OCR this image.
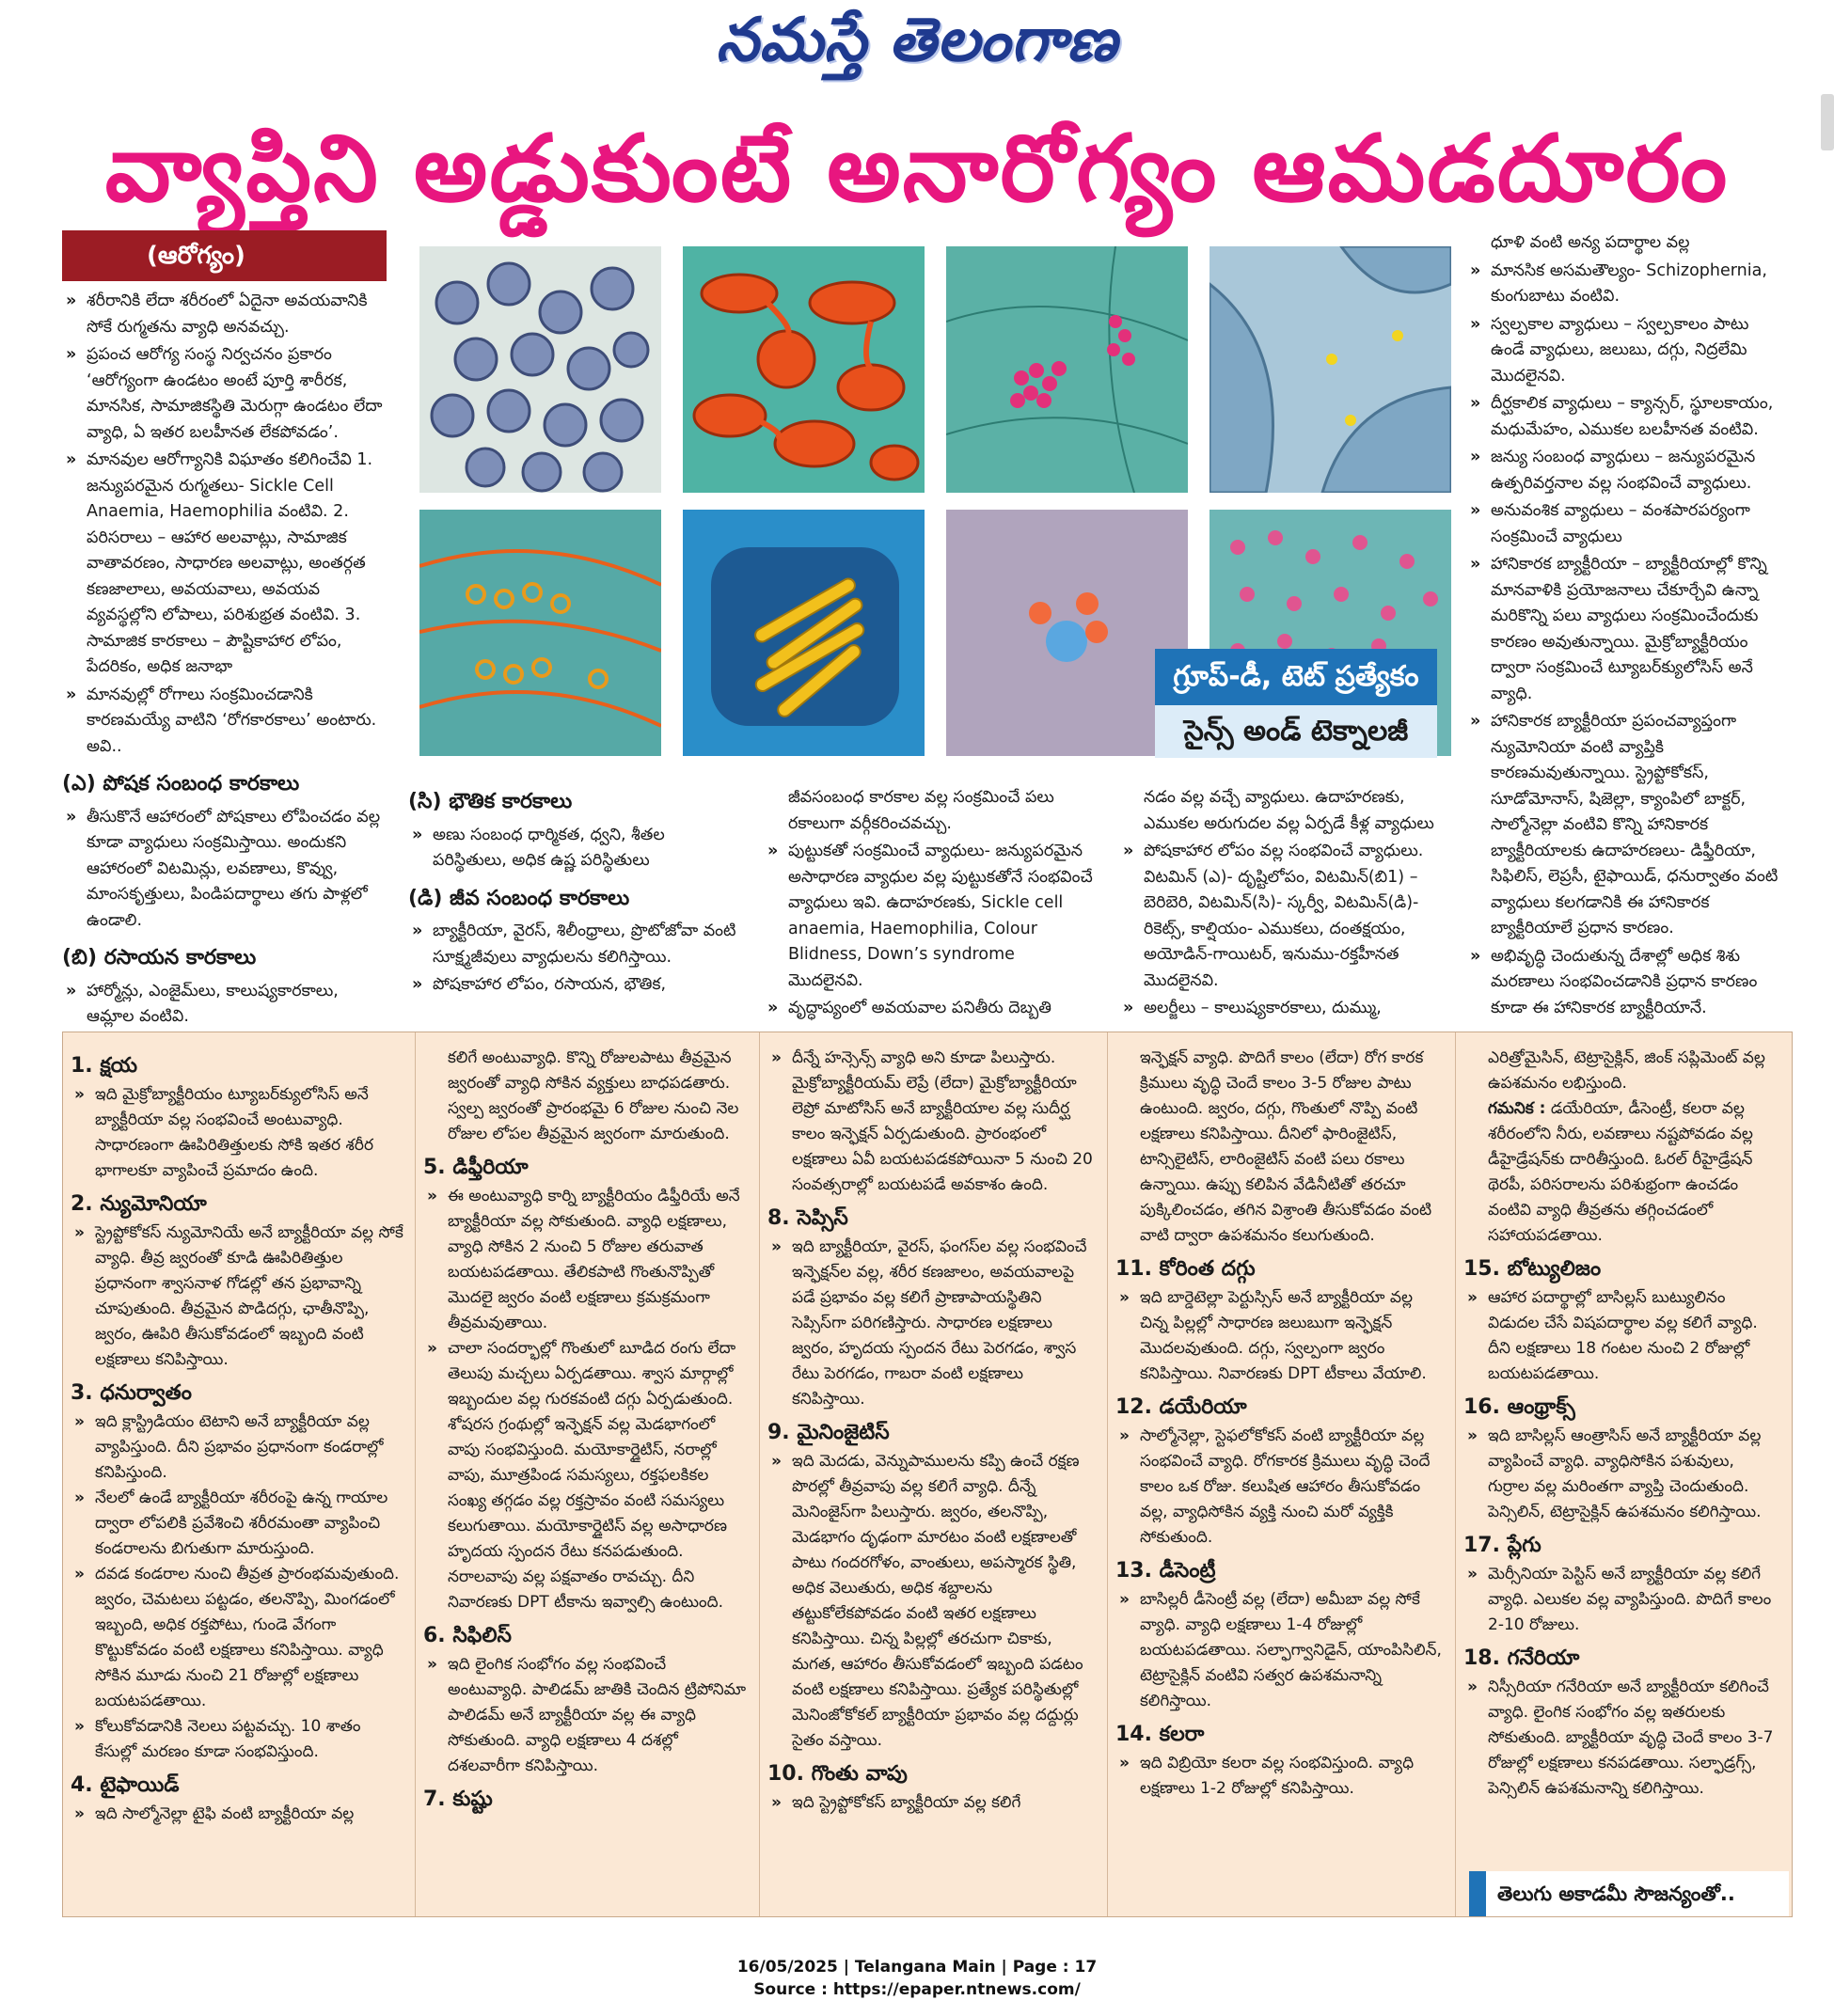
నమస్తే తెలంగాణ
వ్యాప్తిని అడ్డుకుంటే అనారోగ్యం ఆమడదూరం
(ఆరోగ్యం)
» శరీరానికి లేదా శరీరంలో ఏదైనా అవయవానికి సోకే రుగ్మతను వ్యాధి అనవచ్చు.
» ప్రపంచ ఆరోగ్య సంస్థ నిర్వచనం ప్రకారం ‘ఆరోగ్యంగా ఉండటం అంటే పూర్తి శారీరక, మానసిక, సామాజికస్థితి మెరుగ్గా ఉండటం లేదా వ్యాధి, ఏ ఇతర బలహీనత లేకపోవడం’.
» మానవుల ఆరోగ్యానికి విఘాతం కలిగించేవి 1. జన్యుపరమైన రుగ్మతలు- Sickle Cell Anaemia, Haemophilia వంటివి. 2. పరిసరాలు – ఆహార అలవాట్లు, సామాజిక వాతావరణం, సాధారణ అలవాట్లు, అంతర్గత కణజాలాలు, అవయవాలు, అవయవ వ్యవస్థల్లోని లోపాలు, పరిశుభ్రత వంటివి. 3. సామాజిక కారకాలు – పౌష్టికాహార లోపం, పేదరికం, అధిక జనాభా
» మానవుల్లో రోగాలు సంక్రమించడానికి కారణమయ్యే వాటిని ‘రోగకారకాలు’ అంటారు. అవి..
(ఎ) పోషక సంబంధ కారకాలు
» తీసుకొనే ఆహారంలో పోషకాలు లోపించడం వల్ల కూడా వ్యాధులు సంక్రమిస్తాయి. అందుకని ఆహారంలో విటమిన్లు, లవణాలు, కొవ్వు, మాంసకృత్తులు, పిండిపదార్థాలు తగు పాళ్లలో ఉండాలి.
(బి) రసాయన కారకాలు
» హార్మోన్లు, ఎంజైమ్‌లు, కాలుష్యకారకాలు, ఆమ్లాల వంటివి.
(సి) భౌతిక కారకాలు
» అణు సంబంధ ధార్మికత, ధ్వని, శీతల పరిస్థితులు, అధిక ఉష్ణ పరిస్థితులు
(డి) జీవ సంబంధ కారకాలు
» బ్యాక్టీరియా, వైరస్‌, శిలీంధ్రాలు, ప్రొటోజోవా వంటి సూక్ష్మజీవులు వ్యాధులను కలిగిస్తాయి.
» పోషకాహార లోపం, రసాయన, భౌతిక,
జీవసంబంధ కారకాల వల్ల సంక్రమించే పలు రకాలుగా వర్గీకరించవచ్చు.
» పుట్టుకతో సంక్రమించే వ్యాధులు- జన్యుపరమైన అసాధారణ వ్యాధుల వల్ల పుట్టుకతోనే సంభవించే వ్యాధులు ఇవి. ఉదాహరణకు, Sickle cell anaemia, Haemophilia, Colour Blidness, Down’s syndrome మొదలైనవి.
» వృద్ధాప్యంలో అవయవాల పనితీరు దెబ్బతి
నడం వల్ల వచ్చే వ్యాధులు. ఉదాహరణకు, ఎముకల అరుగుదల వల్ల ఏర్పడే కీళ్ల వ్యాధులు
» పోషకాహార లోపం వల్ల సంభవించే వ్యాధులు. విటమిన్‌ (ఎ)- దృష్టిలోపం, విటమిన్‌(బి1) – బెరిబెరి, విటమిన్‌(సి)- స్కర్వీ, విటమిన్‌(డి)- రికెట్స్‌, కాల్షియం- ఎముకలు, దంతక్షయం, అయోడిన్‌-గాయిటర్‌, ఇనుము-రక్తహీనత మొదలైనవి.
» అలర్జీలు – కాలుష్యకారకాలు, దుమ్ము,
ధూళి వంటి అన్య పదార్థాల వల్ల
» మానసిక అసమతౌల్యం- Schizophernia, కుంగుబాటు వంటివి.
» స్వల్పకాల వ్యాధులు – స్వల్పకాలం పాటు ఉండే వ్యాధులు, జలుబు, దగ్గు, నిద్రలేమి మొదలైనవి.
» దీర్ఘకాలిక వ్యాధులు – క్యాన్సర్‌, స్థూలకాయం, మధుమేహం, ఎముకల బలహీనత వంటివి.
» జన్యు సంబంధ వ్యాధులు – జన్యుపరమైన ఉత్పరివర్తనాల వల్ల సంభవించే వ్యాధులు.
» అనువంశిక వ్యాధులు – వంశపారపర్యంగా సంక్రమించే వ్యాధులు
» హానికారక బ్యాక్టీరియా – బ్యాక్టీరియాల్లో కొన్ని మానవాళికి ప్రయోజనాలు చేకూర్చేవి ఉన్నా మరికొన్ని పలు వ్యాధులు సంక్రమించేందుకు కారణం అవుతున్నాయి. మైక్రోబ్యాక్టీరియం ద్వారా సంక్రమించే ట్యూబర్‌క్యులోసిస్‌ అనే వ్యాధి.
» హానికారక బ్యాక్టీరియా ప్రపంచవ్యాప్తంగా న్యుమోనియా వంటి వ్యాప్తికి కారణమవుతున్నాయి. స్ట్రెప్టోకోకస్‌, సూడోమోనాస్‌, షిజెల్లా, క్యాంపిలో బాక్టర్‌, సాల్మోనెల్లా వంటివి కొన్ని హానికారక బ్యాక్టీరియాలకు ఉదాహరణలు- డిఫ్తీరియా, సిఫిలిస్‌, లెప్రసీ, టైఫాయిడ్‌, ధనుర్వాతం వంటి వ్యాధులు కలగడానికి ఈ హానికారక బ్యాక్టీరియాలే ప్రధాన కారణం.
» అభివృద్ధి చెందుతున్న దేశాల్లో అధిక శిశు మరణాలు సంభవించడానికి ప్రధాన కారణం కూడా ఈ హానికారక బ్యాక్టీరియానే.
గ్రూప్‌-డీ, టెట్‌ ప్రత్యేకం
సైన్స్‌ అండ్‌ టెక్నాలజీ
1. క్షయ
» ఇది మైక్రోబ్యాక్టీరియం ట్యూబర్‌క్యులోసిస్‌ అనే బ్యాక్టీరియా వల్ల సంభవించే అంటువ్యాధి. సాధారణంగా ఊపిరితిత్తులకు సోకి ఇతర శరీర భాగాలకూ వ్యాపించే ప్రమాదం ఉంది.
2. న్యుమోనియా
» స్ట్రెప్టోకోకస్‌ న్యుమోనియే అనే బ్యాక్టీరియా వల్ల సోకే వ్యాధి. తీవ్ర జ్వరంతో కూడి ఊపిరితిత్తుల ప్రధానంగా శ్వాసనాళ గోడల్లో తన ప్రభావాన్ని చూపుతుంది. తీవ్రమైన పొడిదగ్గు, ఛాతీనొప్పి, జ్వరం, ఊపిరి తీసుకోవడంలో ఇబ్బంది వంటి లక్షణాలు కనిపిస్తాయి.
3. ధనుర్వాతం
» ఇది క్లాస్ట్రిడియం టెటాని అనే బ్యాక్టీరియా వల్ల వ్యాపిస్తుంది. దీని ప్రభావం ప్రధానంగా కండరాల్లో కనిపిస్తుంది.
» నేలలో ఉండే బ్యాక్టీరియా శరీరంపై ఉన్న గాయాల ద్వారా లోపలికి ప్రవేశించి శరీరమంతా వ్యాపించి కండరాలను బిగుతుగా మారుస్తుంది.
» దవడ కండరాల నుంచి తీవ్రత ప్రారంభమవుతుంది. జ్వరం, చెమటలు పట్టడం, తలనొప్పి, మింగడంలో ఇబ్బంది, అధిక రక్తపోటు, గుండె వేగంగా కొట్టుకోవడం వంటి లక్షణాలు కనిపిస్తాయి. వ్యాధి సోకిన మూడు నుంచి 21 రోజుల్లో లక్షణాలు బయటపడతాయి.
» కోలుకోవడానికి నెలలు పట్టవచ్చు. 10 శాతం కేసుల్లో మరణం కూడా సంభవిస్తుంది.
4. టైఫాయిడ్‌
» ఇది సాల్మోనెల్లా టైఫి వంటి బ్యాక్టీరియా వల్ల
కలిగే అంటువ్యాధి. కొన్ని రోజులపాటు తీవ్రమైన జ్వరంతో వ్యాధి సోకిన వ్యక్తులు బాధపడతారు. స్వల్ప జ్వరంతో ప్రారంభమై 6 రోజుల నుంచి నెల రోజుల లోపల తీవ్రమైన జ్వరంగా మారుతుంది.
5. డిఫ్తీరియా
» ఈ అంటువ్యాధి కార్ని బ్యాక్టీరియం డిఫ్తీరియే అనే బ్యాక్టీరియా వల్ల సోకుతుంది. వ్యాధి లక్షణాలు, వ్యాధి సోకిన 2 నుంచి 5 రోజుల తరువాత బయటపడతాయి. తేలికపాటి గొంతునొప్పితో మొదలై జ్వరం వంటి లక్షణాలు క్రమక్రమంగా తీవ్రమవుతాయి.
» చాలా సందర్భాల్లో గొంతులో బూడిద రంగు లేదా తెలుపు మచ్చలు ఏర్పడతాయి. శ్వాస మార్గాల్లో ఇబ్బందుల వల్ల గురకవంటి దగ్గు ఏర్పడుతుంది. శోషరస గ్రంథుల్లో ఇన్ఫెక్షన్‌ వల్ల మెడభాగంలో వాపు సంభవిస్తుంది. మయోకార్డైటిస్‌, నరాల్లో వాపు, మూత్రపిండ సమస్యలు, రక్తఫలకికల సంఖ్య తగ్గడం వల్ల రక్తస్రావం వంటి సమస్యలు కలుగుతాయి. మయోకార్డైటిస్‌ వల్ల అసాధారణ హృదయ స్పందన రేటు కనపడుతుంది. నరాలవాపు వల్ల పక్షవాతం రావచ్చు. దీని నివారణకు DPT టీకాను ఇవ్వాల్సి ఉంటుంది.
6. సిఫిలిస్‌
» ఇది లైంగిక సంభోగం వల్ల సంభవించే అంటువ్యాధి. పాలిడమ్‌ జాతికి చెందిన ట్రిపోనిమా పాలిడమ్‌ అనే బ్యాక్టీరియా వల్ల ఈ వ్యాధి సోకుతుంది. వ్యాధి లక్షణాలు 4 దశల్లో దశలవారీగా కనిపిస్తాయి.
7. కుష్టు
» దీన్నే హన్సెన్స్‌ వ్యాధి అని కూడా పిలుస్తారు. మైక్రోబ్యాక్టీరియమ్‌ లెప్రే (లేదా) మైక్రోబ్యాక్టీరియా లెప్రో మాటోసిస్‌ అనే బ్యాక్టీరియాల వల్ల సుదీర్ఘ కాలం ఇన్ఫెక్షన్‌ ఏర్పడుతుంది. ప్రారంభంలో లక్షణాలు ఏవీ బయటపడకపోయినా 5 నుంచి 20 సంవత్సరాల్లో బయటపడే అవకాశం ఉంది.
8. సెప్సిస్‌
» ఇది బ్యాక్టీరియా, వైరస్‌, ఫంగస్‌ల వల్ల సంభవించే ఇన్ఫెక్షన్‌ల వల్ల, శరీర కణజాలం, అవయవాలపై పడే ప్రభావం వల్ల కలిగే ప్రాణాపాయస్థితిని సెప్సిస్‌గా పరిగణిస్తారు. సాధారణ లక్షణాలు జ్వరం, హృదయ స్పందన రేటు పెరగడం, శ్వాస రేటు పెరగడం, గాబరా వంటి లక్షణాలు కనిపిస్తాయి.
9. మైనింజైటిస్‌
» ఇది మెదడు, వెన్నుపాములను కప్పి ఉంచే రక్షణ పొరల్లో తీవ్రవాపు వల్ల కలిగే వ్యాధి. దీన్నే మెనింజైస్‌గా పిలుస్తారు. జ్వరం, తలనొప్పి, మెడభాగం దృఢంగా మారటం వంటి లక్షణాలతో పాటు గందరగోళం, వాంతులు, అపస్మారక స్థితి, అధిక వెలుతురు, అధిక శబ్దాలను తట్టుకోలేకపోవడం వంటి ఇతర లక్షణాలు కనిపిస్తాయి. చిన్న పిల్లల్లో తరచుగా చికాకు, మగత, ఆహారం తీసుకోవడంలో ఇబ్బంది పడటం వంటి లక్షణాలు కనిపిస్తాయి. ప్రత్యేక పరిస్థితుల్లో మెనింజోకోకల్‌ బ్యాక్టీరియా ప్రభావం వల్ల దద్దుర్లు సైతం వస్తాయి.
10. గొంతు వాపు
» ఇది స్ట్రెప్టోకోకస్‌ బ్యాక్టీరియా వల్ల కలిగే
ఇన్ఫెక్షన్‌ వ్యాధి. పొదిగే కాలం (లేదా) రోగ కారక క్రిములు వృద్ధి చెందే కాలం 3-5 రోజుల పాటు ఉంటుంది. జ్వరం, దగ్గు, గొంతులో నొప్పి వంటి లక్షణాలు కనిపిస్తాయి. దీనిలో ఫారింజైటిస్‌, టాన్సిలైటిస్‌, లారింజైటిస్‌ వంటి పలు రకాలు ఉన్నాయి. ఉప్పు కలిపిన వేడినీటితో తరచూ పుక్కిలించడం, తగిన విశ్రాంతి తీసుకోవడం వంటి వాటి ద్వారా ఉపశమనం కలుగుతుంది.
11. కోరింత దగ్గు
» ఇది బార్డెటెల్లా పెర్టుస్సిస్‌ అనే బ్యాక్టీరియా వల్ల చిన్న పిల్లల్లో సాధారణ జలుబుగా ఇన్ఫెక్షన్‌ మొదలవుతుంది. దగ్గు, స్వల్పంగా జ్వరం కనిపిస్తాయి. నివారణకు DPT టీకాలు వేయాలి.
12. డయేరియా
» సాల్మోనెల్లా, స్టెఫలోకోకస్‌ వంటి బ్యాక్టీరియా వల్ల సంభవించే వ్యాధి. రోగకారక క్రిములు వృద్ధి చెందే కాలం ఒక రోజు. కలుషిత ఆహారం తీసుకోవడం వల్ల, వ్యాధిసోకిన వ్యక్తి నుంచి మరో వ్యక్తికి సోకుతుంది.
13. డీసెంట్రీ
» బాసిల్లరీ డీసెంట్రీ వల్ల (లేదా) అమీబా వల్ల సోకే వ్యాధి. వ్యాధి లక్షణాలు 1-4 రోజుల్లో బయటపడతాయి. సల్ఫాగ్వానిడైన్‌, యాంపిసిలిన్‌, టెట్రాసైక్లిన్‌ వంటివి సత్వర ఉపశమనాన్ని కలిగిస్తాయి.
14. కలరా
» ఇది విబ్రియో కలరా వల్ల సంభవిస్తుంది. వ్యాధి లక్షణాలు 1-2 రోజుల్లో కనిపిస్తాయి.
ఎరిత్రోమైసిన్‌, టెట్రాసైక్లిన్‌, జింక్‌ సప్లిమెంట్‌ వల్ల ఉపశమనం లభిస్తుంది.
గమనిక : డయేరియా, డీసెంట్రీ, కలరా వల్ల శరీరంలోని నీరు, లవణాలు నష్టపోవడం వల్ల డీహైడ్రేషన్‌కు దారితీస్తుంది. ఓరల్‌ రీహైడ్రేషన్‌ థెరపీ, పరిసరాలను పరిశుభ్రంగా ఉంచడం వంటివి వ్యాధి తీవ్రతను తగ్గించడంలో సహాయపడతాయి.
15. బోట్యులిజం
» ఆహార పదార్థాల్లో బాసిల్లస్‌ బుట్యులినం విడుదల చేసే విషపదార్థాల వల్ల కలిగే వ్యాధి. దీని లక్షణాలు 18 గంటల నుంచి 2 రోజుల్లో బయటపడతాయి.
16. ఆంథ్రాక్స్‌
» ఇది బాసిల్లస్‌ ఆంత్రాసిస్‌ అనే బ్యాక్టీరియా వల్ల వ్యాపించే వ్యాధి. వ్యాధిసోకిన పశువులు, గుర్రాల వల్ల మరింతగా వ్యాప్తి చెందుతుంది. పెన్సిలిన్‌, టెట్రాసైక్లిన్‌ ఉపశమనం కలిగిస్తాయి.
17. ప్లేగు
» మెర్సీనియా పెస్టిస్‌ అనే బ్యాక్టీరియా వల్ల కలిగే వ్యాధి. ఎలుకల వల్ల వ్యాపిస్తుంది. పొదిగే కాలం 2-10 రోజులు.
18. గనేరియా
» నిస్సీరియా గనేరియా అనే బ్యాక్టీరియా కలిగించే వ్యాధి. లైంగిక సంభోగం వల్ల ఇతరులకు సోకుతుంది. బ్యాక్టీరియా వృద్ధి చెందే కాలం 3-7 రోజుల్లో లక్షణాలు కనపడతాయి. సల్ఫాడ్రగ్స్‌, పెన్సిలిన్‌ ఉపశమనాన్ని కలిగిస్తాయి.
తెలుగు అకాడమీ సౌజన్యంతో..
16/05/2025 | Telangana Main | Page : 17
Source : https://epaper.ntnews.com/
